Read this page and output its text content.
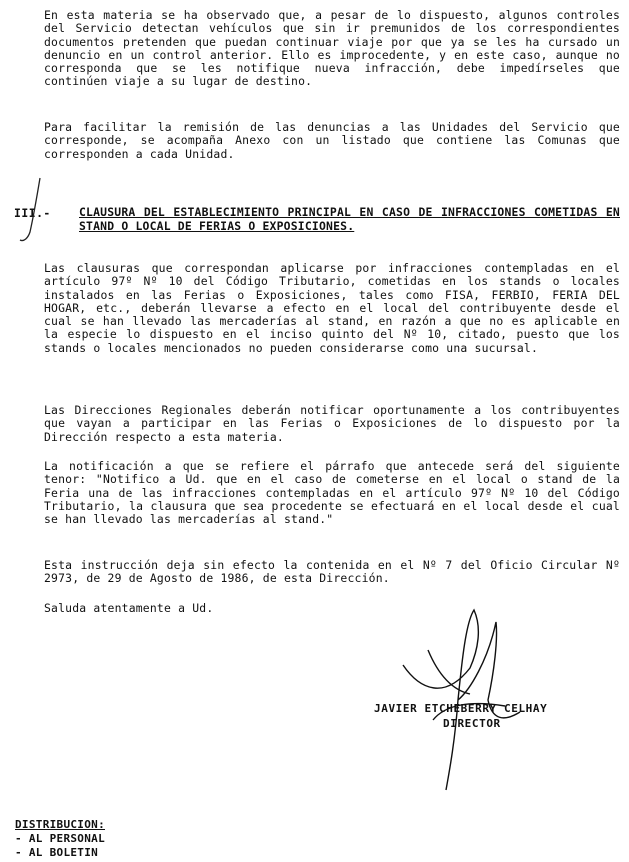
En esta materia se ha observado que, a pesar de lo dispuesto, algunos controles del Servicio detectan vehículos que sin ir premunidos de los correspondientes documentos pretenden que puedan continuar viaje por que ya se les ha cursado un denuncio en un control anterior. Ello es improcedente, y en este caso, aunque no corresponda que se les notifique nueva infracción, debe impedírseles que continúen viaje a su lugar de destino.

Para facilitar la remisión de las denuncias a las Unidades del Servicio que corresponde, se acompaña Anexo con un listado que contiene las Comunas que corresponden a cada Unidad.

III.- CLAUSURA DEL ESTABLECIMIENTO PRINCIPAL EN CASO DE INFRACCIONES COMETIDAS EN STAND O LOCAL DE FERIAS O EXPOSICIONES.

Las clausuras que correspondan aplicarse por infracciones contempladas en el artículo 97º Nº 10 del Código Tributario, cometidas en los stands o locales instalados en las Ferias o Exposiciones, tales como FISA, FERBIO, FERIA DEL HOGAR, etc., deberán llevarse a efecto en el local del contribuyente desde el cual se han llevado las mercaderías al stand, en razón a que no es aplicable en la especie lo dispuesto en el inciso quinto del Nº 10, citado, puesto que los stands o locales mencionados no pueden considerarse como una sucursal.

Las Direcciones Regionales deberán notificar oportunamente a los contribuyentes que vayan a participar en las Ferias o Exposiciones de lo dispuesto por la Dirección respecto a esta materia.

La notificación a que se refiere el párrafo que antecede será del siguiente tenor: "Notifico a Ud. que en el caso de cometerse en el local o stand de la Feria una de las infracciones contempladas en el artículo 97º Nº 10 del Código Tributario, la clausura que sea procedente se efectuará en el local desde el cual se han llevado las mercaderías al stand."

Esta instrucción deja sin efecto la contenida en el Nº 7 del Oficio Circular Nº 2973, de 29 de Agosto de 1986, de esta Dirección.

Saluda atentamente a Ud.

JAVIER ETCHEBERRY CELHAY
DIRECTOR
DISTRIBUCION:
- AL PERSONAL
- AL BOLETIN
